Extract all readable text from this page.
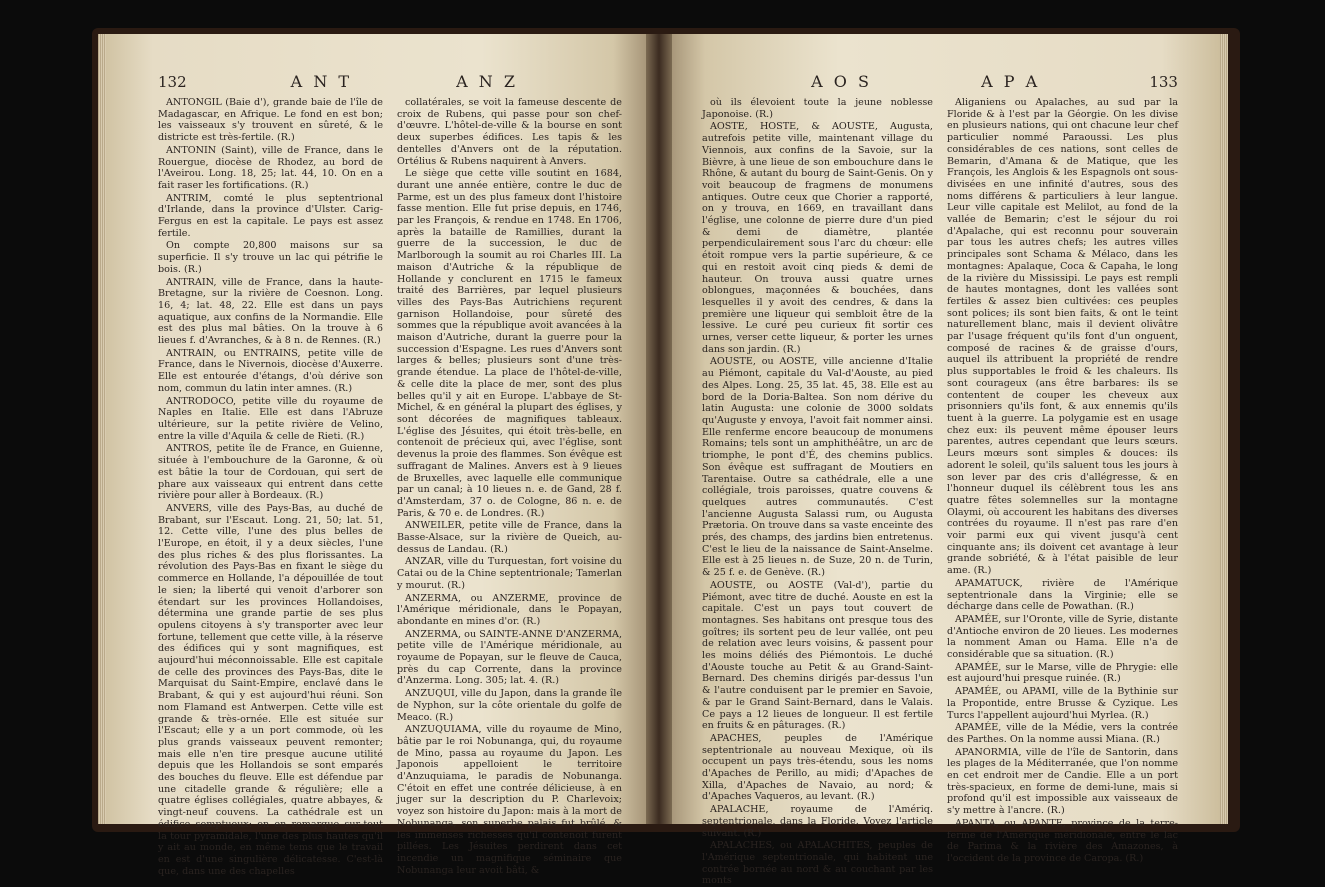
132	A N T	A N Z

ANTONGIL (Baie d'), grande baie de l'île de Madagascar, en Afrique. Le fond en est bon; les vaisseaux s'y trouvent en sûreté, & le districte est très-fertile. (R.)

ANTONIN (Saint), ville de France, dans le Rouergue, diocèse de Rhodez, au bord de l'Aveirou. Long. 18, 25; lat. 44, 10. On en a fait raser les fortifications. (R.)

ANTRIM, comté le plus septentrional d'Irlande, dans la province d'Ulster. Carig-Fergus en est la capitale. Le pays est assez fertile.

On compte 20,800 maisons sur sa superficie. Il s'y trouve un lac qui pétrifie le bois. (R.)

ANTRAIN, ville de France, dans la haute-Bretagne, sur la rivière de Coesnon. Long. 16, 4; lat. 48, 22. Elle est dans un pays aquatique, aux confins de la Normandie. Elle est des plus mal bâties. On la trouve à 6 lieues f. d'Avranches, & à 8 n. de Rennes. (R.)

ANTRAIN, ou ENTRAINS, petite ville de France, dans le Nivernois, diocèse d'Auxerre. Elle est entourée d'étangs, d'où dérive son nom, commun du latin inter amnes. (R.)

ANTRODOCO, petite ville du royaume de Naples en Italie. Elle est dans l'Abruze ultérieure, sur la petite rivière de Velino, entre la ville d'Aquila & celle de Rieti. (R.)

ANTROS, petite île de France, en Guienne, située à l'embouchure de la Garonne, & où est bâtie la tour de Cordouan, qui sert de phare aux vaisseaux qui entrent dans cette rivière pour aller à Bordeaux. (R.)

ANVERS, ville des Pays-Bas, au duché de Brabant, sur l'Escaut. Long. 21, 50; lat. 51, 12. Cette ville, l'une des plus belles de l'Europe, en étoit, il y a deux siècles, l'une des plus riches & des plus florissantes. La révolution des Pays-Bas en fixant le siège du commerce en Hollande, l'a dépouillée de tout le sien; la liberté qui venoit d'arborer son étendart sur les provinces Hollandoises, détermina une grande partie de ses plus opulens citoyens à s'y transporter avec leur fortune, tellement que cette ville, à la réserve des édifices qui y sont magnifiques, est aujourd'hui méconnoissable. Elle est capitale de celle des provinces des Pays-Bas, dite le Marquisat du Saint-Empire, enclavé dans le Brabant, & qui y est aujourd'hui réuni. Son nom Flamand est Antwerpen. Cette ville est grande & très-ornée. Elle est située sur l'Escaut; elle y a un port commode, où les plus grands vaisseaux peuvent remonter; mais elle n'en tire presque aucune utilité depuis que les Hollandois se sont emparés des bouches du fleuve. Elle est défendue par une citadelle grande & régulière; elle a quatre églises collégiales, quatre abbayes, & vingt-neuf couvens. La cathédrale est un édifice somptueux: on en remarque sur-tout la tour pyramidale, l'une des plus hautes qu'il y ait au monde, en même tems que le travail en est d'une singulière délicatesse. C'est-là que, dans une des chapelles

collatérales, se voit la fameuse descente de croix de Rubens, qui passe pour son chef-d'œuvre. L'hôtel-de-ville & la bourse en sont deux superbes édifices. Les tapis & les dentelles d'Anvers ont de la réputation. Ortélius & Rubens naquirent à Anvers.

Le siège que cette ville soutint en 1684, durant une année entière, contre le duc de Parme, est un des plus fameux dont l'histoire fasse mention. Elle fut prise depuis, en 1746, par les François, & rendue en 1748. En 1706, après la bataille de Ramillies, durant la guerre de la succession, le duc de Marlborough la soumit au roi Charles III. La maison d'Autriche & la république de Hollande y conclurent en 1715 le fameux traité des Barrières, par lequel plusieurs villes des Pays-Bas Autrichiens reçurent garnison Hollandoise, pour sûreté des sommes que la république avoit avancées à la maison d'Autriche, durant la guerre pour la succession d'Espagne. Les rues d'Anvers sont larges & belles; plusieurs sont d'une très-grande étendue. La place de l'hôtel-de-ville, & celle dite la place de mer, sont des plus belles qu'il y ait en Europe. L'abbaye de St-Michel, & en général la plupart des églises, y sont décorées de magnifiques tableaux. L'église des Jésuites, qui étoit très-belle, en contenoit de précieux qui, avec l'église, sont devenus la proie des flammes. Son évêque est suffragant de Malines. Anvers est à 9 lieues de Bruxelles, avec laquelle elle communique par un canal; à 10 lieues n. e. de Gand, 28 f. d'Amsterdam, 37 o. de Cologne, 86 n. e. de Paris, & 70 e. de Londres. (R.)

ANWEILER, petite ville de France, dans la Basse-Alsace, sur la rivière de Queich, au-dessus de Landau. (R.)

ANZAR, ville du Turquestan, fort voisine du Catai ou de la Chine septentrionale; Tamerlan y mourut. (R.)

ANZERMA, ou ANZERME, province de l'Amérique méridionale, dans le Popayan, abondante en mines d'or. (R.)

ANZERMA, ou SAINTE-ANNE D'ANZERMA, petite ville de l'Amérique méridionale, au royaume de Popayan, sur le fleuve de Cauca, près du cap Corrente, dans la province d'Anzerma. Long. 305; lat. 4. (R.)

ANZUQUI, ville du Japon, dans la grande île de Nyphon, sur la côte orientale du golfe de Meaco. (R.)

ANZUQUIAMA, ville du royaume de Mino, bâtie par le roi Nobunanga, qui, du royaume de Mino, passa au royaume du Japon. Les Japonois appelloient le territoire d'Anzuquiama, le paradis de Nobunanga. C'étoit en effet une contrée délicieuse, à en juger sur la description du P. Charlevoix; voyez son histoire du Japon: mais à la mort de Nobunanga, son superbe palais fut brûlé, & les immenses richesses qu'il contenoit furent pillées. Les Jésuites perdirent dans cet incendie un magnifique séminaire que Nobunanga leur avoit bâti, &

A O S	A P A	133

où ils élevoient toute la jeune noblesse Japonoise. (R.)

AOSTE, HOSTE, & AOUSTE, Augusta, autrefois petite ville, maintenant village du Viennois, aux confins de la Savoie, sur la Bièvre, à une lieue de son embouchure dans le Rhône, & autant du bourg de Saint-Genis. On y voit beaucoup de fragmens de monumens antiques. Outre ceux que Chorier a rapporté, on y trouva, en 1669, en travaillant dans l'église, une colonne de pierre dure d'un pied & demi de diamètre, plantée perpendiculairement sous l'arc du chœur: elle étoit rompue vers la partie supérieure, & ce qui en restoit avoit cinq pieds & demi de hauteur. On trouva aussi quatre urnes oblongues, maçonnées & bouchées, dans lesquelles il y avoit des cendres, & dans la première une liqueur qui sembloit être de la lessive. Le curé peu curieux fit sortir ces urnes, verser cette liqueur, & porter les urnes dans son jardin. (R.)

AOUSTE, ou AOSTE, ville ancienne d'Italie au Piémont, capitale du Val-d'Aouste, au pied des Alpes. Long. 25, 35 lat. 45, 38. Elle est au bord de la Doria-Baltea. Son nom dérive du latin Augusta: une colonie de 3000 soldats qu'Auguste y envoya, l'avoit fait nommer ainsi. Elle renferme encore beaucoup de monumens Romains; tels sont un amphithéâtre, un arc de triomphe, le pont d'É, des chemins publics. Son évêque est suffragant de Moutiers en Tarentaise. Outre sa cathédrale, elle a une collégiale, trois paroisses, quatre couvens & quelques autres communautés. C'est l'ancienne Augusta Salassi rum, ou Augusta Prætoria. On trouve dans sa vaste enceinte des prés, des champs, des jardins bien entretenus. C'est le lieu de la naissance de Saint-Anselme. Elle est à 25 lieues n. de Suze, 20 n. de Turin, & 25 f. e. de Genève. (R.)

AOUSTE, ou AOSTE (Val-d'), partie du Piémont, avec titre de duché. Aouste en est la capitale. C'est un pays tout couvert de montagnes. Ses habitans ont presque tous des goîtres; ils sortent peu de leur vallée, ont peu de relation avec leurs voisins, & passent pour les moins déliés des Piémontois. Le duché d'Aouste touche au Petit & au Grand-Saint-Bernard. Des chemins dirigés par-dessus l'un & l'autre conduisent par le premier en Savoie, & par le Grand Saint-Bernard, dans le Valais. Ce pays a 12 lieues de longueur. Il est fertile en fruits & en pâturages. (R.)

APACHES, peuples de l'Amérique septentrionale au nouveau Mexique, où ils occupent un pays très-étendu, sous les noms d'Apaches de Perillo, au midi; d'Apaches de Xilla, d'Apaches de Navaio, au nord; & d'Apaches Vaqueros, au levant. (R.)

APALACHE, royaume de l'Amériq. septentrionale, dans la Floride. Voyez l'article suivant. (R.)

APALACHES, ou APALACHITES, peuples de l'Amérique septentrionale, qui habitent une contrée bornée au nord & au couchant par les monts

Aliganiens ou Apalaches, au sud par la Floride & à l'est par la Géorgie. On les divise en plusieurs nations, qui ont chacune leur chef particulier nommé Paraoussi. Les plus considérables de ces nations, sont celles de Bemarin, d'Amana & de Matique, que les François, les Anglois & les Espagnols ont sous-divisées en une infinité d'autres, sous des noms différens & particuliers à leur langue. Leur ville capitale est Melilot, au fond de la vallée de Bemarin; c'est le séjour du roi d'Apalache, qui est reconnu pour souverain par tous les autres chefs; les autres villes principales sont Schama & Mélaco, dans les montagnes: Apalaque, Coca & Capaha, le long de la rivière du Mississipi. Le pays est rempli de hautes montagnes, dont les vallées sont fertiles & assez bien cultivées: ces peuples sont polices; ils sont bien faits, & ont le teint naturellement blanc, mais il devient olivâtre par l'usage fréquent qu'ils font d'un onguent, composé de racines & de graisse d'ours, auquel ils attribuent la propriété de rendre plus supportables le froid & les chaleurs. Ils sont courageux (ans être barbares: ils se contentent de couper les cheveux aux prisonniers qu'ils font, & aux ennemis qu'ils tuent à la guerre. La polygamie est en usage chez eux: ils peuvent même épouser leurs parentes, autres cependant que leurs sœurs. Leurs mœurs sont simples & douces: ils adorent le soleil, qu'ils saluent tous les jours à son lever par des cris d'allégresse, & en l'honneur duquel ils célèbrent tous les ans quatre fêtes solemnelles sur la montagne Olaymi, où accourent les habitans des diverses contrées du royaume. Il n'est pas rare d'en voir parmi eux qui vivent jusqu'à cent cinquante ans; ils doivent cet avantage à leur grande sobriété, & à l'état paisible de leur ame. (R.)

APAMATUCK, rivière de l'Amérique septentrionale dans la Virginie; elle se décharge dans celle de Powathan. (R.)

APAMÉE, sur l'Oronte, ville de Syrie, distante d'Antioche environ de 20 lieues. Les modernes la nomment Aman ou Hama. Elle n'a de considérable que sa situation. (R.)

APAMÉE, sur le Marse, ville de Phrygie: elle est aujourd'hui presque ruinée. (R.)

APAMÉE, ou APAMI, ville de la Bythinie sur la Propontide, entre Brusse & Cyzique. Les Turcs l'appellent aujourd'hui Myrlea. (R.)

APAMÉE, ville de la Médie, vers la contrée des Parthes. On la nomme aussi Miana. (R.)

APANORMIA, ville de l'île de Santorin, dans les plages de la Méditerranée, que l'on nomme en cet endroit mer de Candie. Elle a un port très-spacieux, en forme de demi-lune, mais si profond qu'il est impossible aux vaisseaux de s'y mettre à l'ancre. (R.)

APANTA, ou APANTE, province de la terre-ferme de l'Amérique méridionale, entre le lac de Parima & la rivière des Amazones, à l'occident de la province de Caropa. (R.)
